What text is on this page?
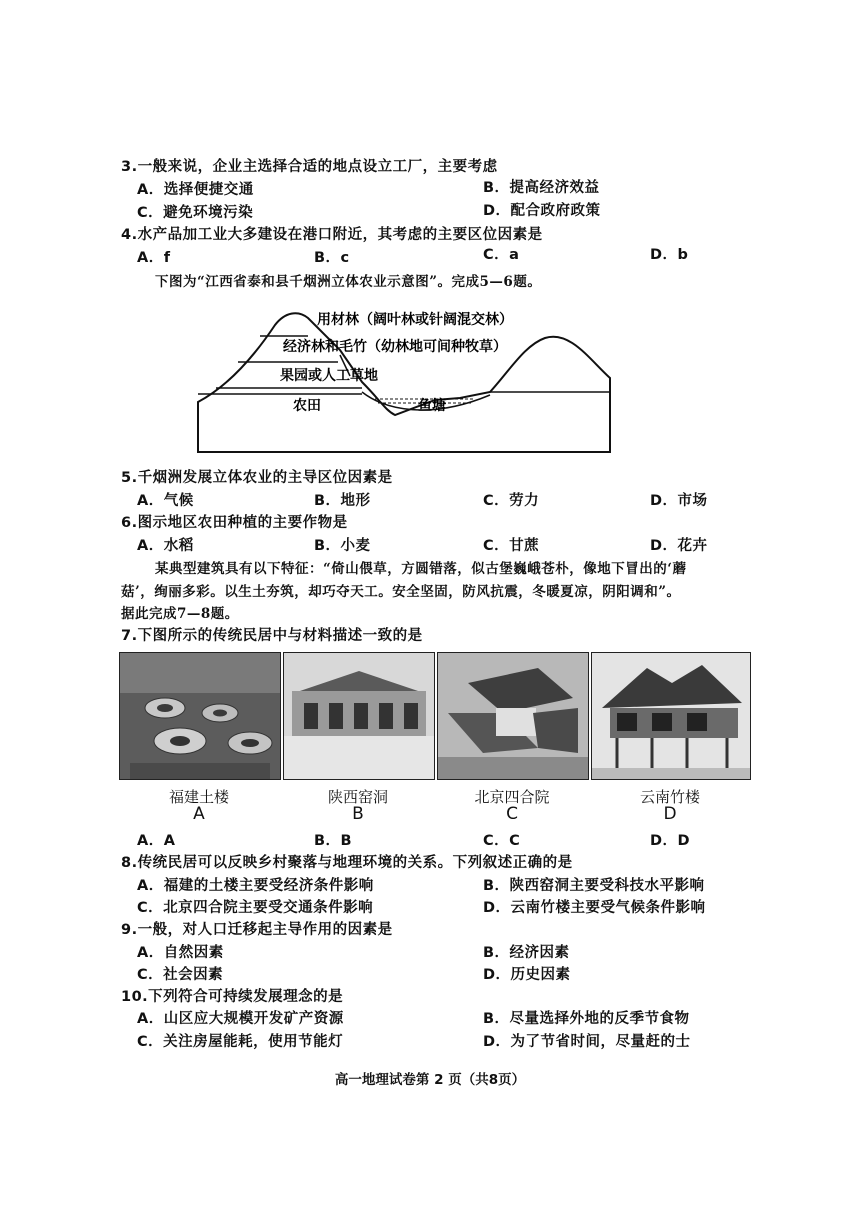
3.一般来说，企业主选择合适的地点设立工厂，主要考虑
A．选择便捷交通	B．提高经济效益
C．避免环境污染	D．配合政府政策
4.水产品加工业大多建设在港口附近，其考虑的主要区位因素是
A．f	B．c	C．a	D．b
下图为“江西省泰和县千烟洲立体农业示意图”。完成5—6题。
用材林（阔叶林或针阔混交林）
经济林和毛竹（幼林地可间种牧草）
果园或人工草地
农田	鱼塘
5.千烟洲发展立体农业的主导区位因素是
A．气候	B．地形	C．劳力	D．市场
6.图示地区农田种植的主要作物是
A．水稻	B．小麦	C．甘蔗	D．花卉
某典型建筑具有以下特征：“倚山偎草，方圆错落，似古堡巍峨苍朴，像地下冒出的‘蘑
菇’，绚丽多彩。以生土夯筑，却巧夺天工。安全坚固，防风抗震，冬暖夏凉，阴阳调和”。
据此完成7—8题。
7.下图所示的传统民居中与材料描述一致的是
福建土楼
A
陕西窑洞
B
北京四合院
C
云南竹楼
D
A．A	B．B	C．C	D．D
8.传统民居可以反映乡村聚落与地理环境的关系。下列叙述正确的是
A．福建的土楼主要受经济条件影响	B．陕西窑洞主要受科技水平影响
C．北京四合院主要受交通条件影响	D．云南竹楼主要受气候条件影响
9.一般，对人口迁移起主导作用的因素是
A．自然因素	B．经济因素
C．社会因素	D．历史因素
10.下列符合可持续发展理念的是
A．山区应大规模开发矿产资源	B．尽量选择外地的反季节食物
C．关注房屋能耗，使用节能灯	D．为了节省时间，尽量赶的士
高一地理试卷第 2 页（共8页）
